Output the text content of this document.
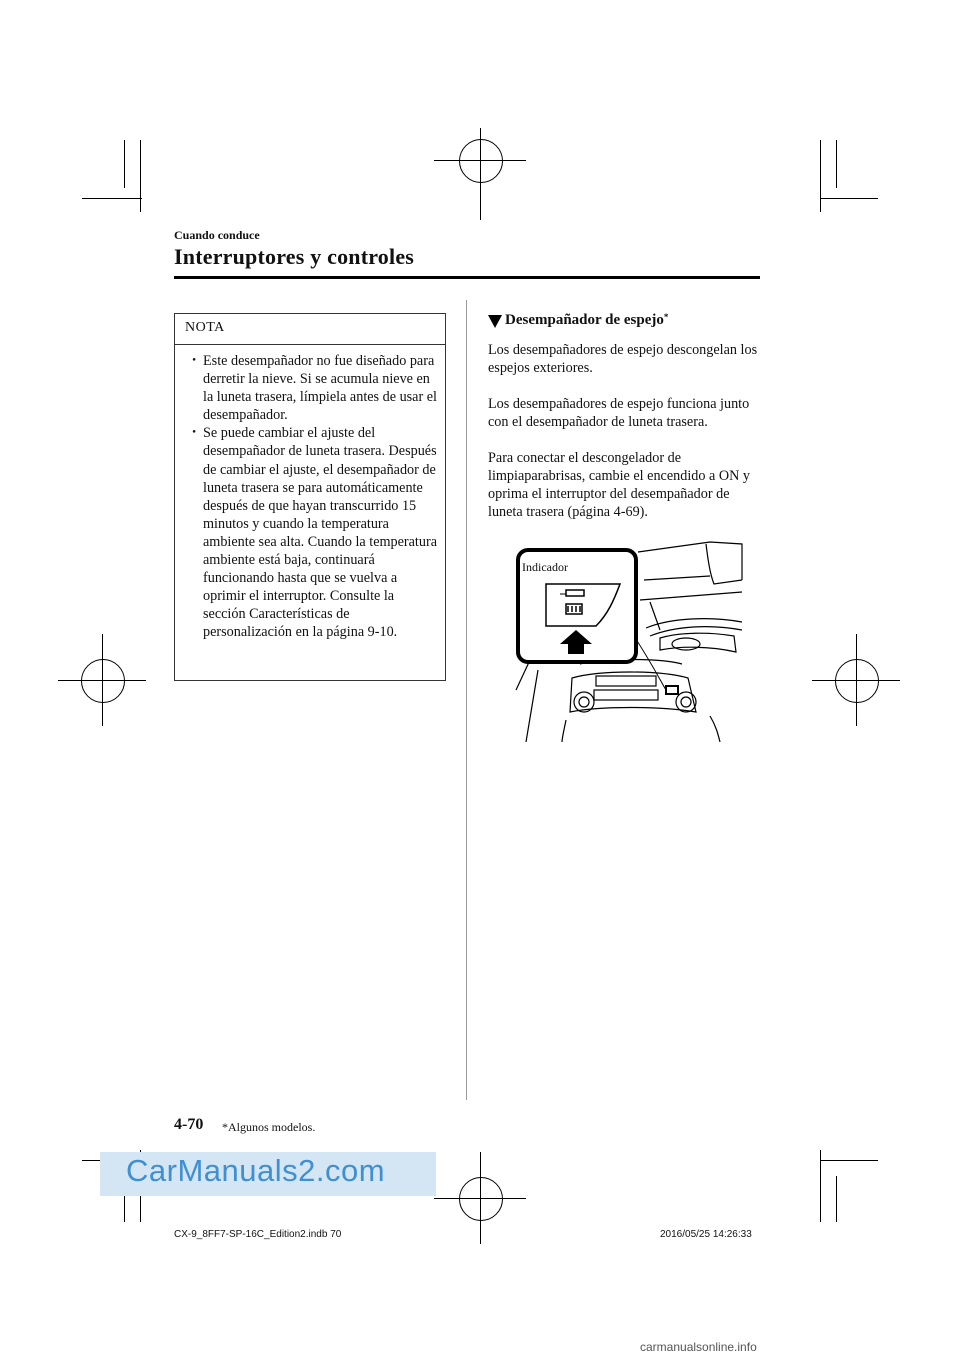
Cuando conduce
Interruptores y controles
NOTA
・ Este desempañador no fue diseñado para derretir la nieve. Si se acumula nieve en la luneta trasera, límpiela antes de usar el desempañador.
・ Se puede cambiar el ajuste del desempañador de luneta trasera. Después de cambiar el ajuste, el desempañador de luneta trasera se para automáticamente después de que hayan transcurrido 15 minutos y cuando la temperatura ambiente sea alta. Cuando la temperatura ambiente está baja, continuará funcionando hasta que se vuelva a oprimir el interruptor. Consulte la sección Características de personalización en la página 9-10.
Desempañador de espejo *

Los desempañadores de espejo descongelan los espejos exteriores.

Los desempañadores de espejo funciona junto con el desempañador de luneta trasera.

Para conectar el descongelador de limpiaparabrisas, cambie el encendido a ON y oprima el interruptor del desempañador de luneta trasera (página 4-69).

Indicador
4-70 *Algunos modelos.
CarManuals2.com
CX-9_8FF7-SP-16C_Edition2.indb 70	2016/05/25 14:26:33
carmanualsonline.info
